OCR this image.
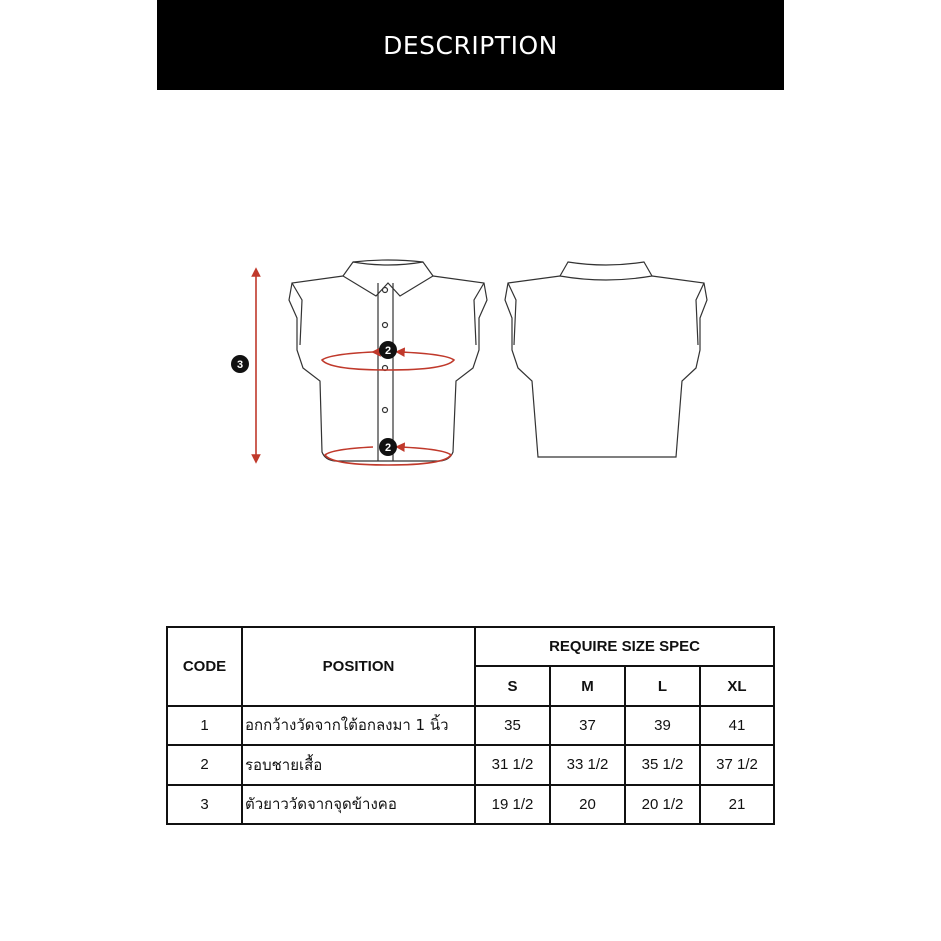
DESCRIPTION
3
2
2
CODE	POSITION	REQUIRE SIZE SPEC			
		S	M	L	XL
1	อกกว้างวัดจากใต้อกลงมา 1 นิ้ว	35	37	39	41
2	รอบชายเสื้อ	31 1/2	33 1/2	35 1/2	37 1/2
3	ตัวยาววัดจากจุดข้างคอ	19 1/2	20	20 1/2	21
